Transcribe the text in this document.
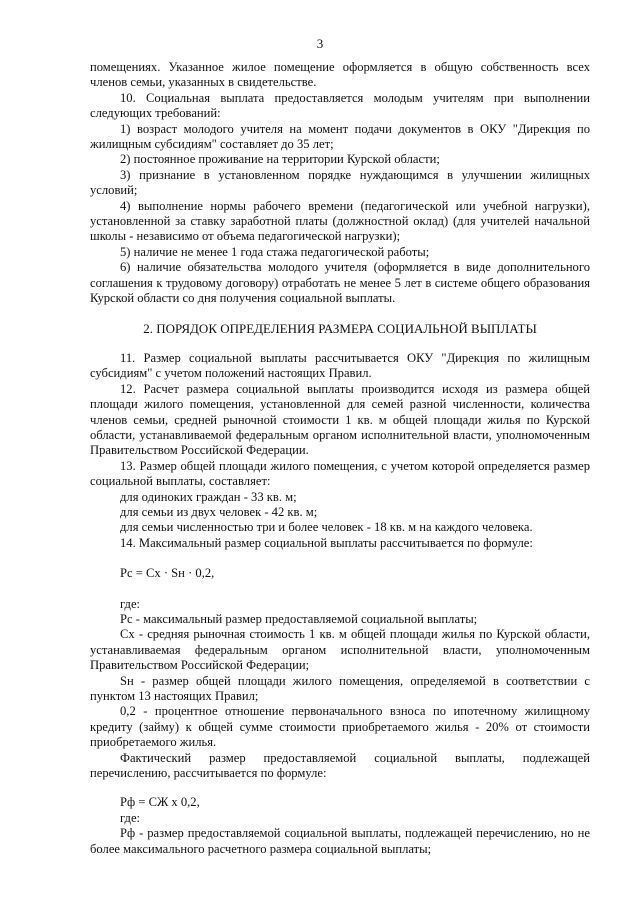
3

помещениях. Указанное жилое помещение оформляется в общую собственность всех членов семьи, указанных в свидетельстве.

10. Социальная выплата предоставляется молодым учителям при выполнении следующих требований:

1) возраст молодого учителя на момент подачи документов в ОКУ "Дирекция по жилищным субсидиям" составляет до 35 лет;

2) постоянное проживание на территории Курской области;

3) признание в установленном порядке нуждающимся в улучшении жилищных условий;

4) выполнение нормы рабочего времени (педагогической или учебной нагрузки), установленной за ставку заработной платы (должностной оклад) (для учителей начальной школы - независимо от объема педагогической нагрузки);

5) наличие не менее 1 года стажа педагогической работы;

6) наличие обязательства молодого учителя (оформляется в виде дополнительного соглашения к трудовому договору) отработать не менее 5 лет в системе общего образования Курской области со дня получения социальной выплаты.

2. ПОРЯДОК ОПРЕДЕЛЕНИЯ РАЗМЕРА СОЦИАЛЬНОЙ ВЫПЛАТЫ

11. Размер социальной выплаты рассчитывается ОКУ "Дирекция по жилищным субсидиям" с учетом положений настоящих Правил.

12. Расчет размера социальной выплаты производится исходя из размера общей площади жилого помещения, установленной для семей разной численности, количества членов семьи, средней рыночной стоимости 1 кв. м общей площади жилья по Курской области, устанавливаемой федеральным органом исполнительной власти, уполномоченным Правительством Российской Федерации.

13. Размер общей площади жилого помещения, с учетом которой определяется размер социальной выплаты, составляет:

для одиноких граждан - 33 кв. м;

для семьи из двух человек - 42 кв. м;

для семьи численностью три и более человек - 18 кв. м на каждого человека.

14. Максимальный размер социальной выплаты рассчитывается по формуле:

Рс = Сх · Sн · 0,2,

где:

Рс - максимальный размер предоставляемой социальной выплаты;

Сх - средняя рыночная стоимость 1 кв. м общей площади жилья по Курской области, устанавливаемая федеральным органом исполнительной власти, уполномоченным Правительством Российской Федерации;

Sн - размер общей площади жилого помещения, определяемой в соответствии с пунктом 13 настоящих Правил;

0,2 - процентное отношение первоначального взноса по ипотечному жилищному кредиту (займу) к общей сумме стоимости приобретаемого жилья - 20% от стоимости приобретаемого жилья.

Фактический размер предоставляемой социальной выплаты, подлежащей перечислению, рассчитывается по формуле:

Рф = СЖ х 0,2,

где:

Рф - размер предоставляемой социальной выплаты, подлежащей перечислению, но не более максимального расчетного размера социальной выплаты;
